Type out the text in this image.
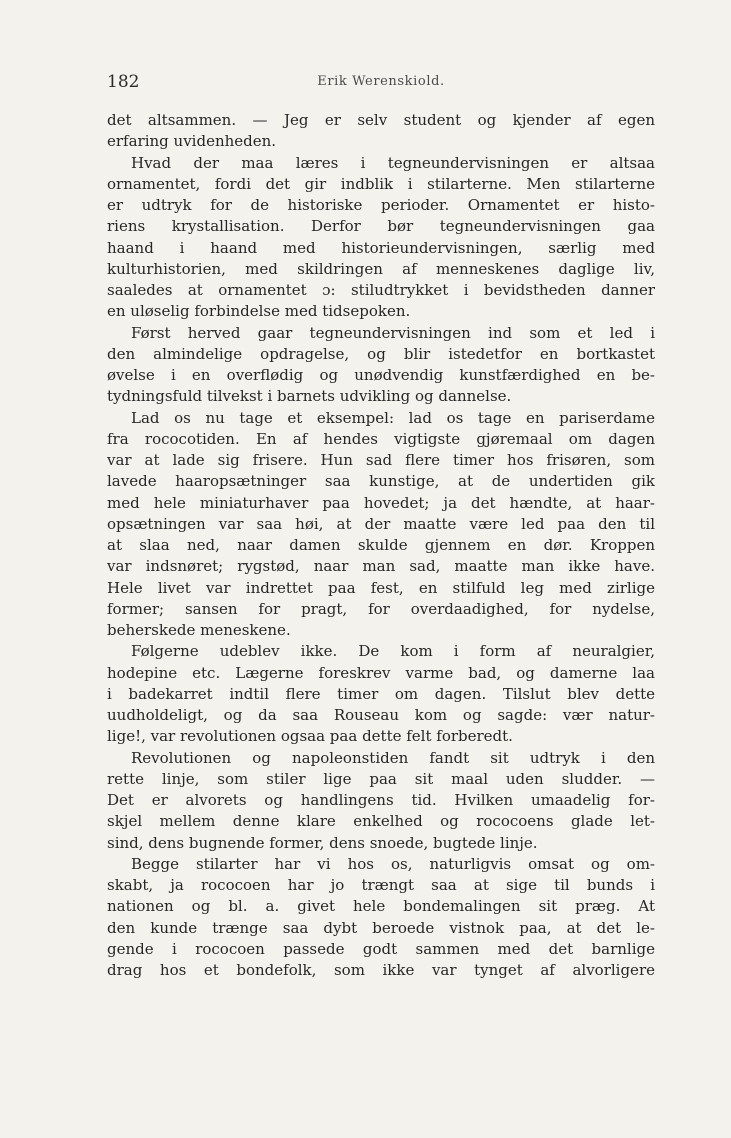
182	Erik Werenskiold.
det altsammen. — Jeg er selv student og kjender af egen
erfaring uvidenheden.
Hvad der maa læres i tegneundervisningen er altsaa
ornamentet, fordi det gir indblik i stilarterne. Men stilarterne
er udtryk for de historiske perioder. Ornamentet er histo-
riens krystallisation. Derfor bør tegneundervisningen gaa
haand i haand med historieundervisningen, særlig med
kulturhistorien, med skildringen af menneskenes daglige liv,
saaledes at ornamentet ɔ: stiludtrykket i bevidstheden danner
en uløselig forbindelse med tidsepoken.
Først herved gaar tegneundervisningen ind som et led i
den almindelige opdragelse, og blir istedetfor en bortkastet
øvelse i en overflødig og unødvendig kunstfærdighed en be-
tydningsfuld tilvekst i barnets udvikling og dannelse.
Lad os nu tage et eksempel: lad os tage en pariserdame
fra rococotiden. En af hendes vigtigste gjøremaal om dagen
var at lade sig frisere. Hun sad flere timer hos frisøren, som
lavede haaropsætninger saa kunstige, at de undertiden gik
med hele miniaturhaver paa hovedet; ja det hændte, at haar-
opsætningen var saa høi, at der maatte være led paa den til
at slaa ned, naar damen skulde gjennem en dør. Kroppen
var indsnøret; rygstød, naar man sad, maatte man ikke have.
Hele livet var indrettet paa fest, en stilfuld leg med zirlige
former; sansen for pragt, for overdaadighed, for nydelse,
beherskede meneskene.
Følgerne udeblev ikke. De kom i form af neuralgier,
hodepine etc. Lægerne foreskrev varme bad, og damerne laa
i badekarret indtil flere timer om dagen. Tilslut blev dette
uudholdeligt, og da saa Rouseau kom og sagde: vær natur-
lige!, var revolutionen ogsaa paa dette felt forberedt.
Revolutionen og napoleonstiden fandt sit udtryk i den
rette linje, som stiler lige paa sit maal uden sludder. —
Det er alvorets og handlingens tid. Hvilken umaadelig for-
skjel mellem denne klare enkelhed og rococoens glade let-
sind, dens bugnende former, dens snoede, bugtede linje.
Begge stilarter har vi hos os, naturligvis omsat og om-
skabt, ja rococoen har jo trængt saa at sige til bunds i
nationen og bl. a. givet hele bondemalingen sit præg. At
den kunde trænge saa dybt beroede vistnok paa, at det le-
gende i rococoen passede godt sammen med det barnlige
drag hos et bondefolk, som ikke var tynget af alvorligere
